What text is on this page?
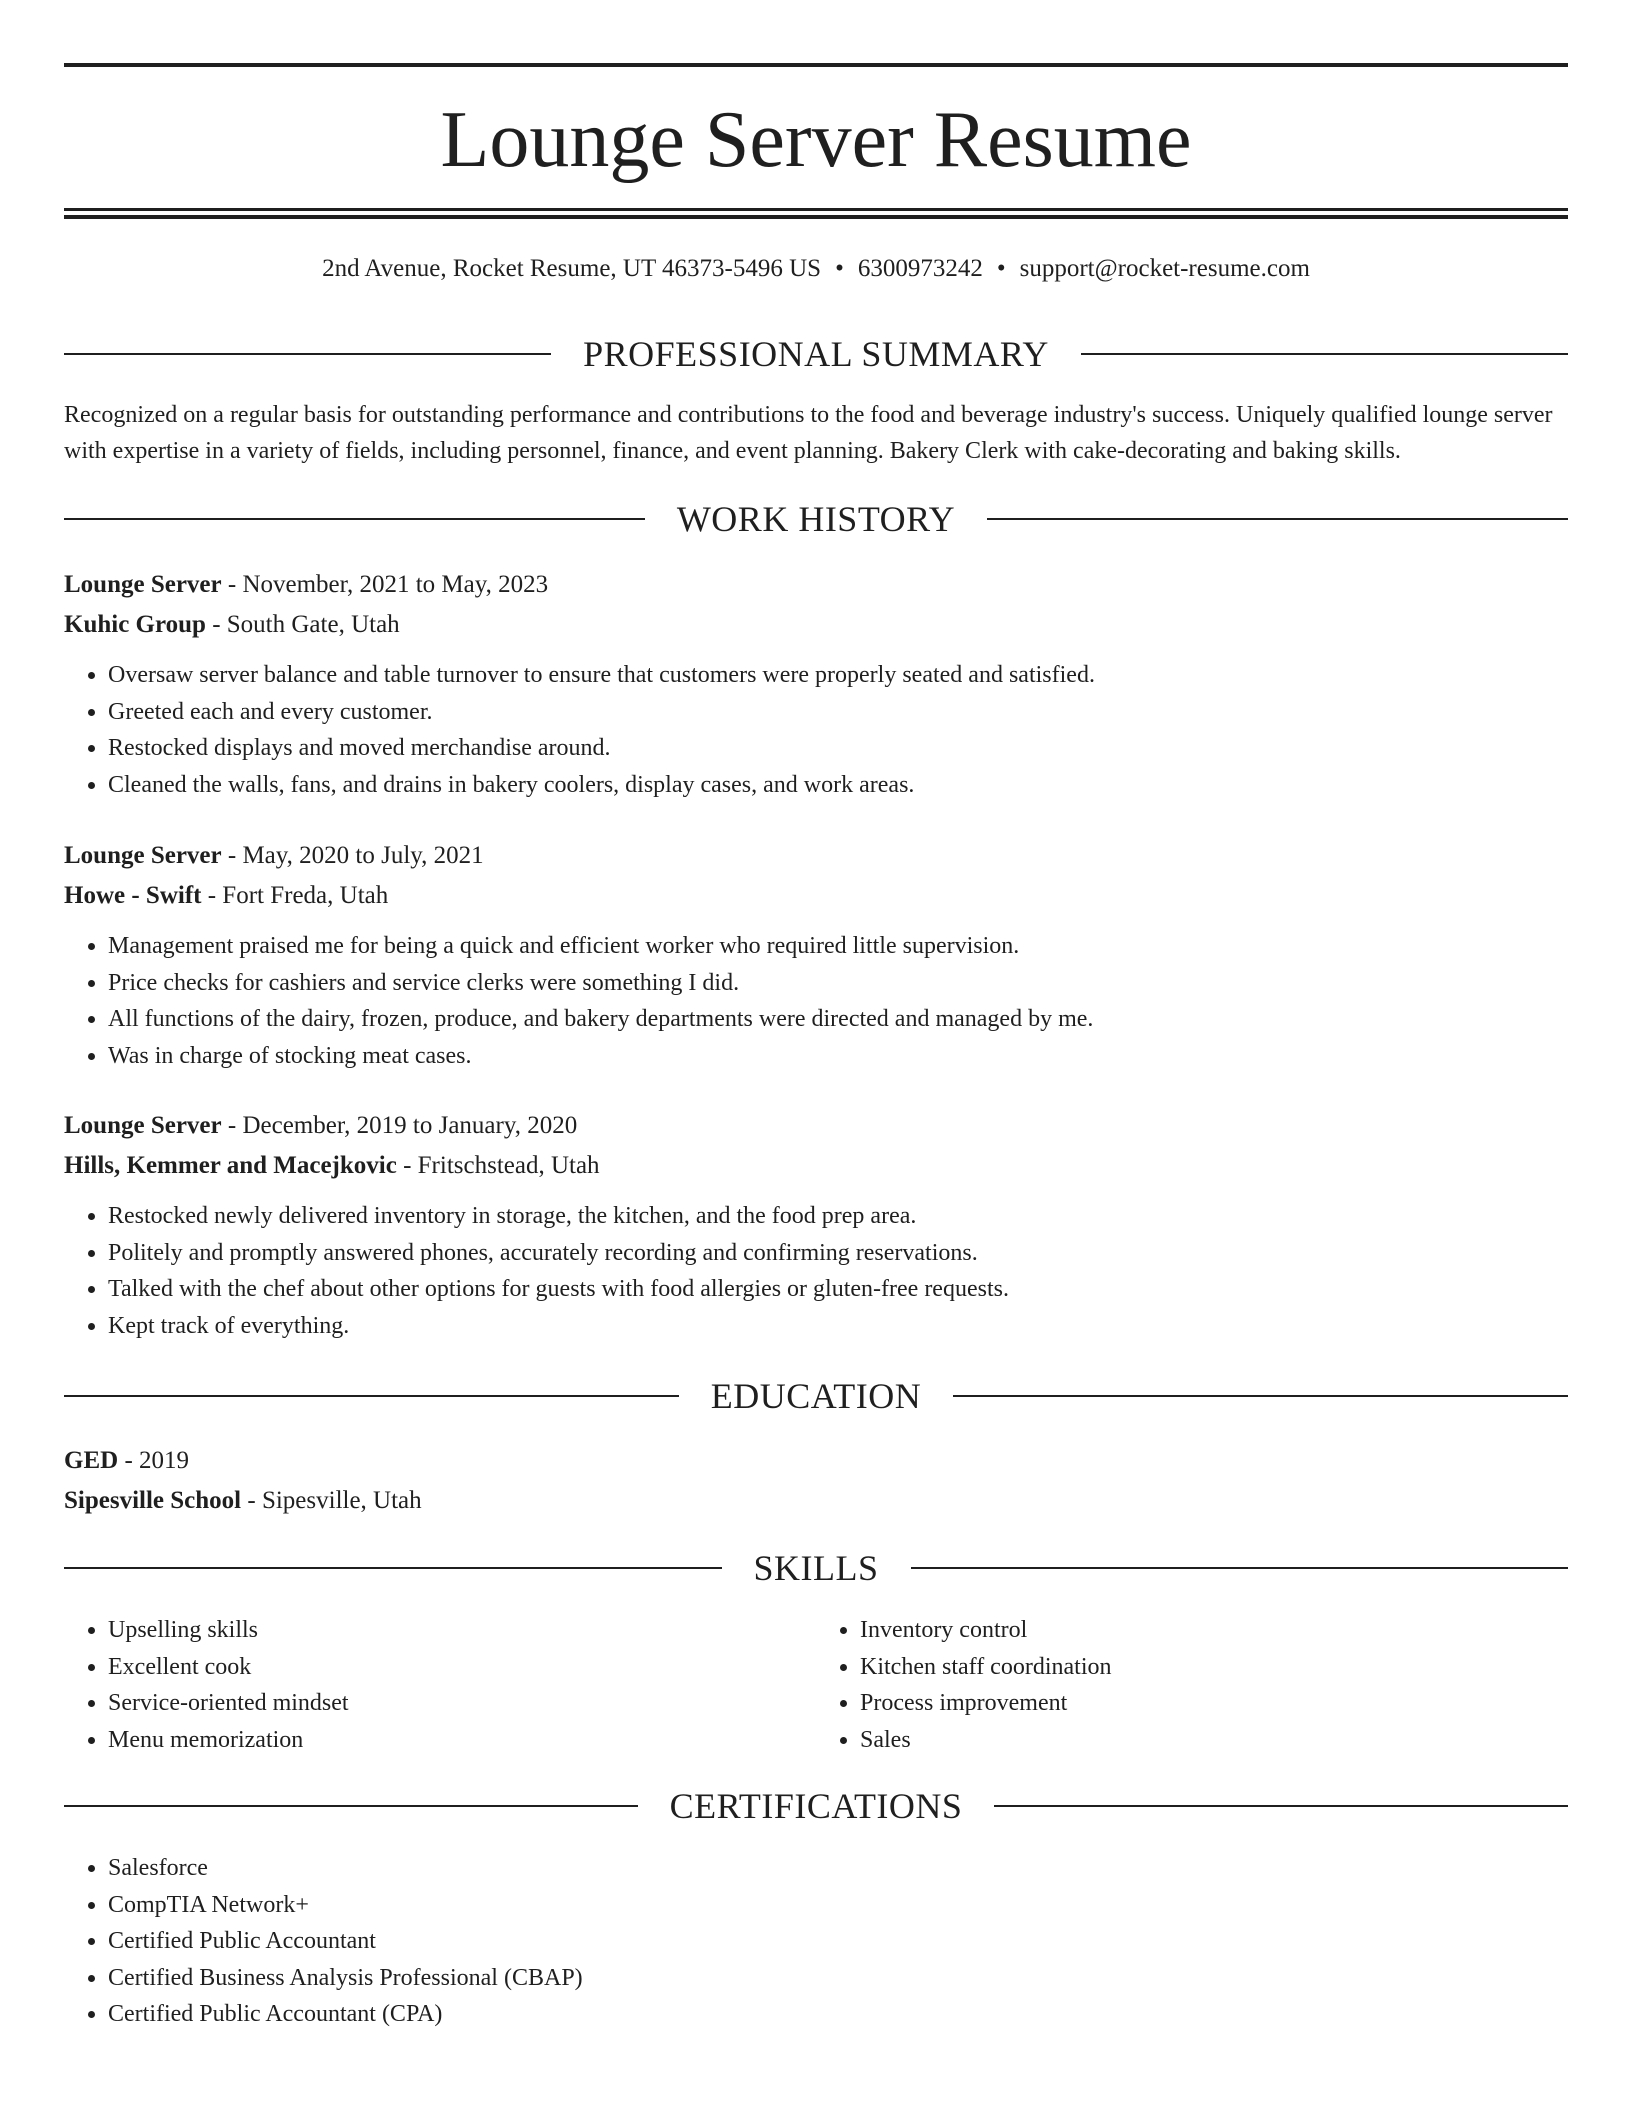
Lounge Server Resume
2nd Avenue, Rocket Resume, UT 46373-5496 US • 6300973242 • support@rocket-resume.com
PROFESSIONAL SUMMARY
Recognized on a regular basis for outstanding performance and contributions to the food and beverage industry's success. Uniquely qualified lounge server with expertise in a variety of fields, including personnel, finance, and event planning. Bakery Clerk with cake-decorating and baking skills.
WORK HISTORY
Lounge Server - November, 2021 to May, 2023
Kuhic Group - South Gate, Utah
• Oversaw server balance and table turnover to ensure that customers were properly seated and satisfied.
• Greeted each and every customer.
• Restocked displays and moved merchandise around.
• Cleaned the walls, fans, and drains in bakery coolers, display cases, and work areas.
Lounge Server - May, 2020 to July, 2021
Howe - Swift - Fort Freda, Utah
• Management praised me for being a quick and efficient worker who required little supervision.
• Price checks for cashiers and service clerks were something I did.
• All functions of the dairy, frozen, produce, and bakery departments were directed and managed by me.
• Was in charge of stocking meat cases.
Lounge Server - December, 2019 to January, 2020
Hills, Kemmer and Macejkovic - Fritschstead, Utah
• Restocked newly delivered inventory in storage, the kitchen, and the food prep area.
• Politely and promptly answered phones, accurately recording and confirming reservations.
• Talked with the chef about other options for guests with food allergies or gluten-free requests.
• Kept track of everything.
EDUCATION
GED - 2019
Sipesville School - Sipesville, Utah
SKILLS
• Upselling skills
• Excellent cook
• Service-oriented mindset
• Menu memorization
• Inventory control
• Kitchen staff coordination
• Process improvement
• Sales
CERTIFICATIONS
• Salesforce
• CompTIA Network+
• Certified Public Accountant
• Certified Business Analysis Professional (CBAP)
• Certified Public Accountant (CPA)
